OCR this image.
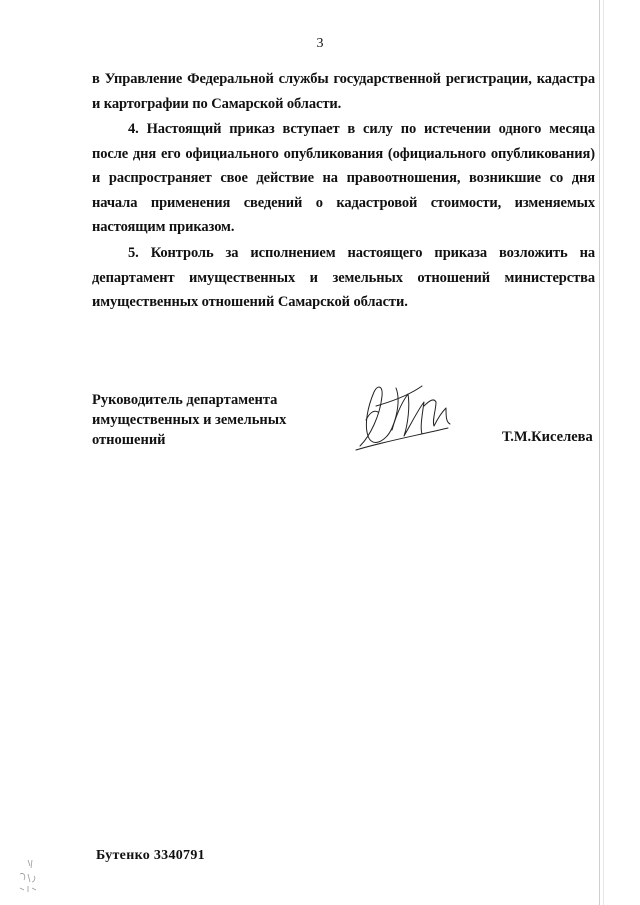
3

в Управление Федеральной службы государственной регистрации, кадастра и картографии по Самарской области.

4. Настоящий приказ вступает в силу по истечении одного месяца после дня его официального опубликования (официального опубликования) и распространяет свое действие на правоотношения, возникшие со дня начала применения сведений о кадастровой стоимости, изменяемых настоящим приказом.

5. Контроль за исполнением настоящего приказа возложить на департамент имущественных и земельных отношений министерства имущественных отношений Самарской области.

Руководитель департамента
имущественных и земельных
отношений	Т.М.Киселева
Бутенко 3340791
